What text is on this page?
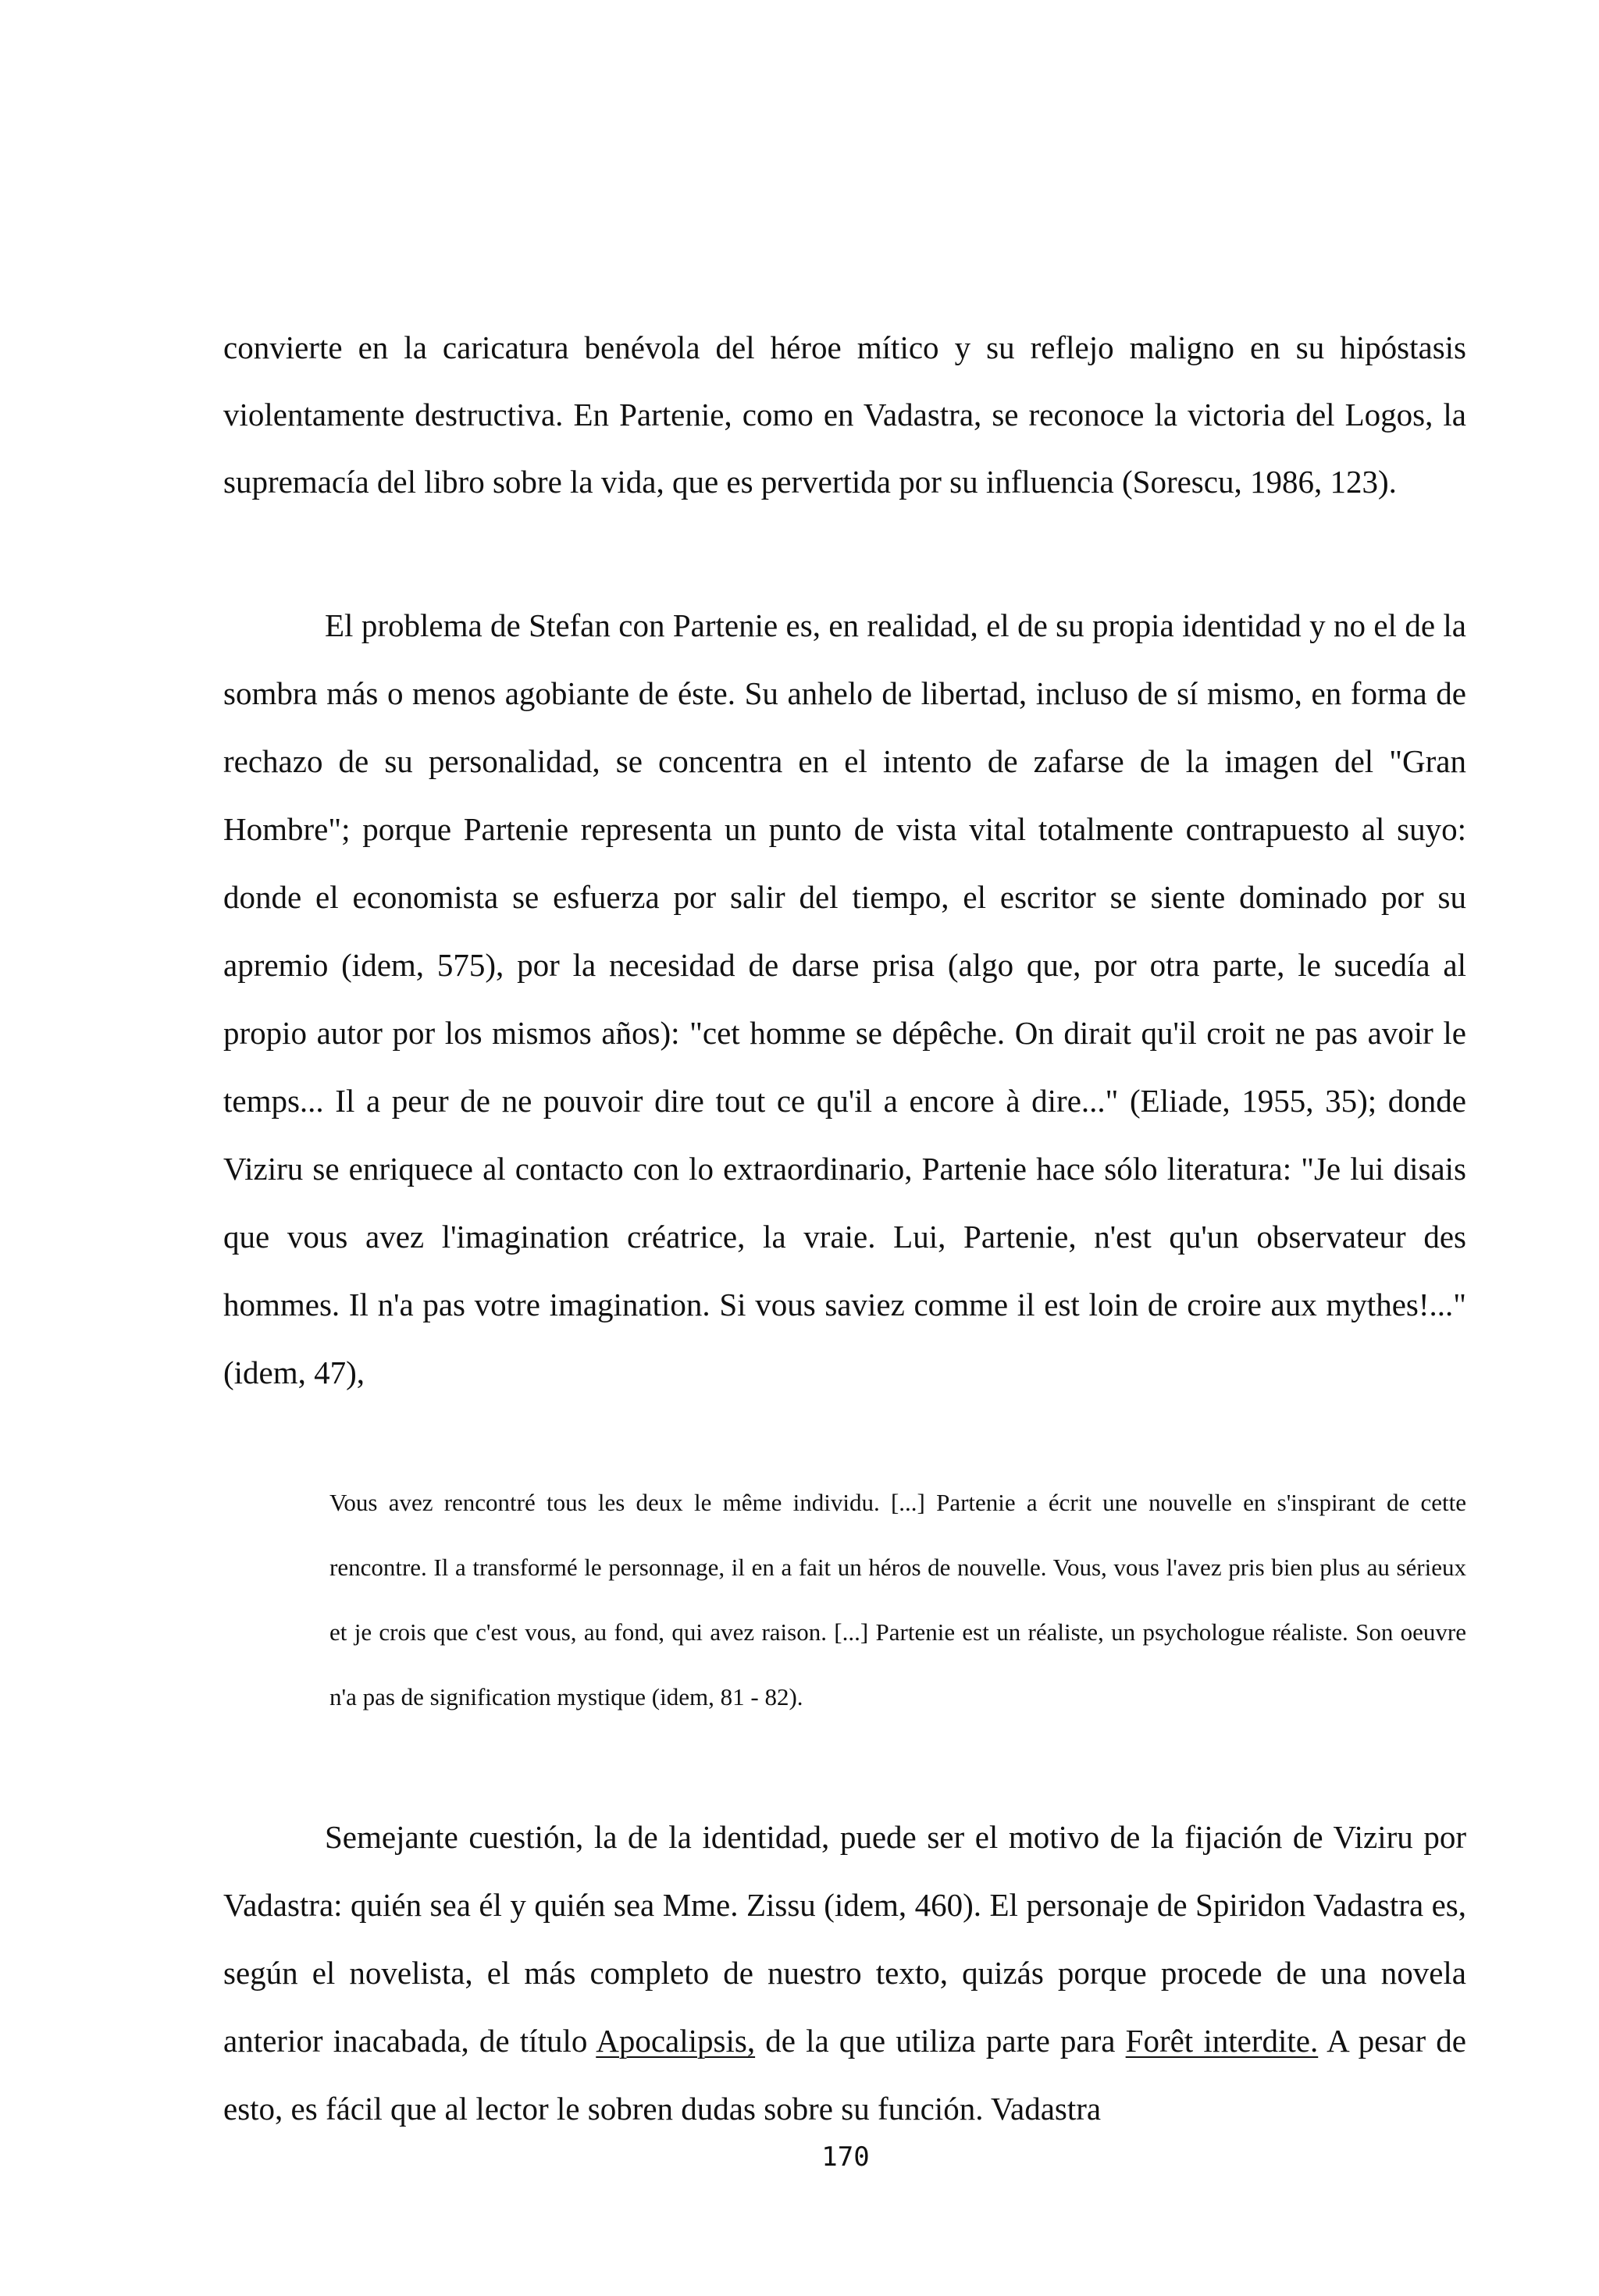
convierte en la caricatura benévola del héroe mítico y su reflejo maligno en su hipóstasis violentamente destructiva. En Partenie, como en Vadastra, se reconoce la victoria del Logos, la supremacía del libro sobre la vida, que es pervertida por su influencia (Sorescu, 1986, 123).

El problema de Stefan con Partenie es, en realidad, el de su propia identidad y no el de la sombra más o menos agobiante de éste. Su anhelo de libertad, incluso de sí mismo, en forma de rechazo de su personalidad, se concentra en el intento de zafarse de la imagen del "Gran Hombre"; porque Partenie representa un punto de vista vital totalmente contrapuesto al suyo: donde el economista se esfuerza por salir del tiempo, el escritor se siente dominado por su apremio (idem, 575), por la necesidad de darse prisa (algo que, por otra parte, le sucedía al propio autor por los mismos años): "cet homme se dépêche. On dirait qu'il croit ne pas avoir le temps... Il a peur de ne pouvoir dire tout ce qu'il a encore à dire..." (Eliade, 1955, 35); donde Viziru se enriquece al contacto con lo extraordinario, Partenie hace sólo literatura: "Je lui disais que vous avez l'imagination créatrice, la vraie. Lui, Partenie, n'est qu'un observateur des hommes. Il n'a pas votre imagination. Si vous saviez comme il est loin de croire aux mythes!..." (idem, 47),

Vous avez rencontré tous les deux le même individu. [...] Partenie a écrit une nouvelle en s'inspirant de cette rencontre. Il a transformé le personnage, il en a fait un héros de nouvelle. Vous, vous l'avez pris bien plus au sérieux et je crois que c'est vous, au fond, qui avez raison. [...] Partenie est un réaliste, un psychologue réaliste. Son oeuvre n'a pas de signification mystique (idem, 81 - 82).

Semejante cuestión, la de la identidad, puede ser el motivo de la fijación de Viziru por Vadastra: quién sea él y quién sea Mme. Zissu (idem, 460). El personaje de Spiridon Vadastra es, según el novelista, el más completo de nuestro texto, quizás porque procede de una novela anterior inacabada, de título Apocalipsis, de la que utiliza parte para Forêt interdite. A pesar de esto, es fácil que al lector le sobren dudas sobre su función. Vadastra

170
